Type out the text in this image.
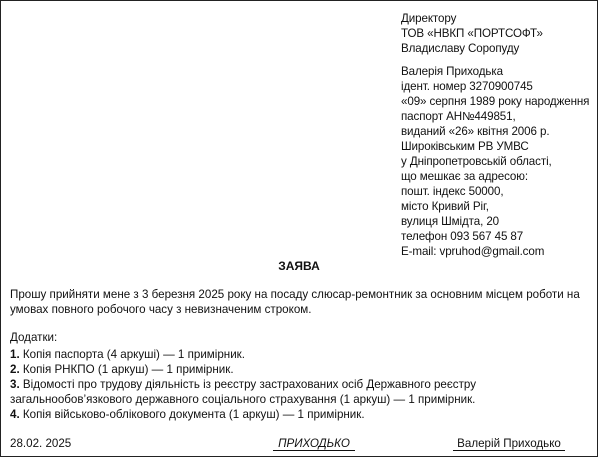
Директору
ТОВ «НВКП «ПОРТСОФТ»
Владиславу Соропуду
Валерія Приходька
ідент. номер 3270900745
«09» серпня 1989 року народження
паспорт АН№449851,
виданий «26» квітня 2006 р.
Широківським РВ УМВС
у Дніпропетровській області,
що мешкає за адресою:
пошт. індекс 50000,
місто Кривий Ріг,
вулиця Шмідта, 20
телефон 093 567 45 87
E-mail: vpruhod@gmail.com
ЗАЯВА
Прошу прийняти мене з 3 березня 2025 року на посаду слюсар-ремонтник за основним місцем роботи на умовах повного робочого часу з невизначеним строком.
Додатки:
1. Копія паспорта (4 аркуші) — 1 примірник.
2. Копія РНКПО (1 аркуш) — 1 примірник.
3. Відомості про трудову діяльність із реєстру застрахованих осіб Державного реєстру загальнообов’язкового державного соціального страхування (1 аркуш) — 1 примірник.
4. Копія військово-облікового документа (1 аркуш) — 1 примірник.
28.02. 2025	ПРИХОДЬКО	Валерій Приходько
